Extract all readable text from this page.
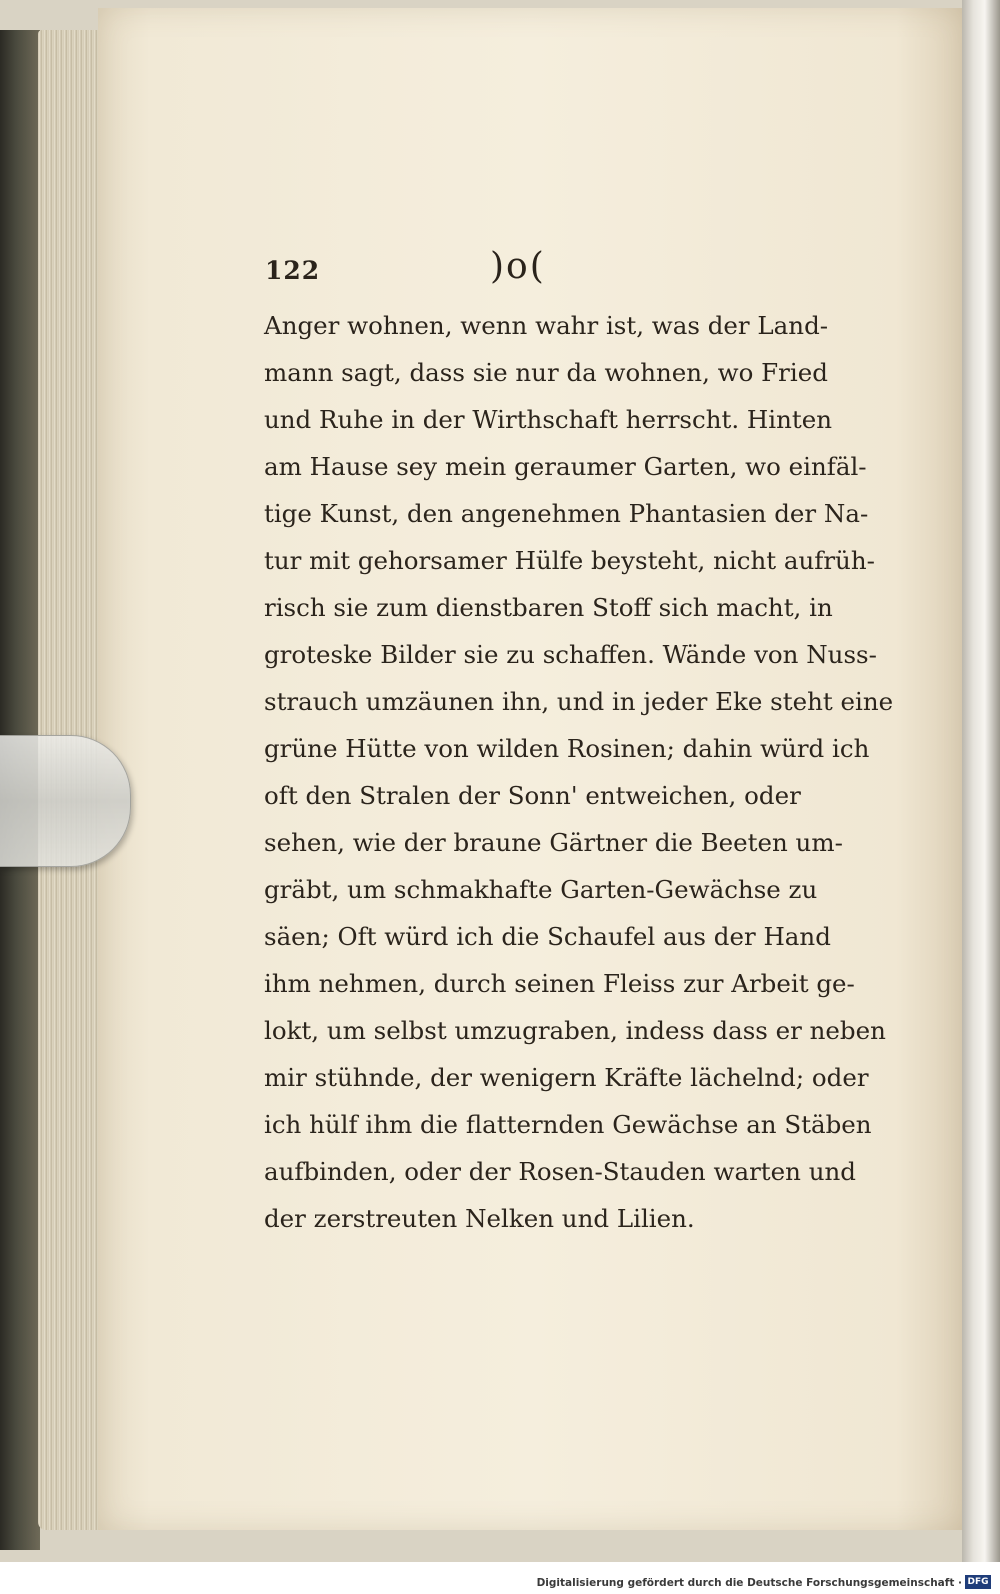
122	)o(
Anger wohnen, wenn wahr ist, was der Land-
mann sagt, dass sie nur da wohnen, wo Fried
und Ruhe in der Wirthschaft herrscht. Hinten
am Hause sey mein geraumer Garten, wo einfäl-
tige Kunst, den angenehmen Phantasien der Na-
tur mit gehorsamer Hülfe beysteht, nicht aufrüh-
risch sie zum dienstbaren Stoff sich macht, in
groteske Bilder sie zu schaffen. Wände von Nuss-
strauch umzäunen ihn, und in jeder Eke steht eine
grüne Hütte von wilden Rosinen; dahin würd ich
oft den Stralen der Sonn' entweichen, oder
sehen, wie der braune Gärtner die Beeten um-
gräbt, um schmakhafte Garten-Gewächse zu
säen; Oft würd ich die Schaufel aus der Hand
ihm nehmen, durch seinen Fleiss zur Arbeit ge-
lokt, um selbst umzugraben, indess dass er neben
mir stühnde, der wenigern Kräfte lächelnd; oder
ich hülf ihm die flatternden Gewächse an Stäben
aufbinden, oder der Rosen-Stauden warten und
der zerstreuten Nelken und Lilien.
Digitalisierung gefördert durch die Deutsche Forschungsgemeinschaft · DFG
